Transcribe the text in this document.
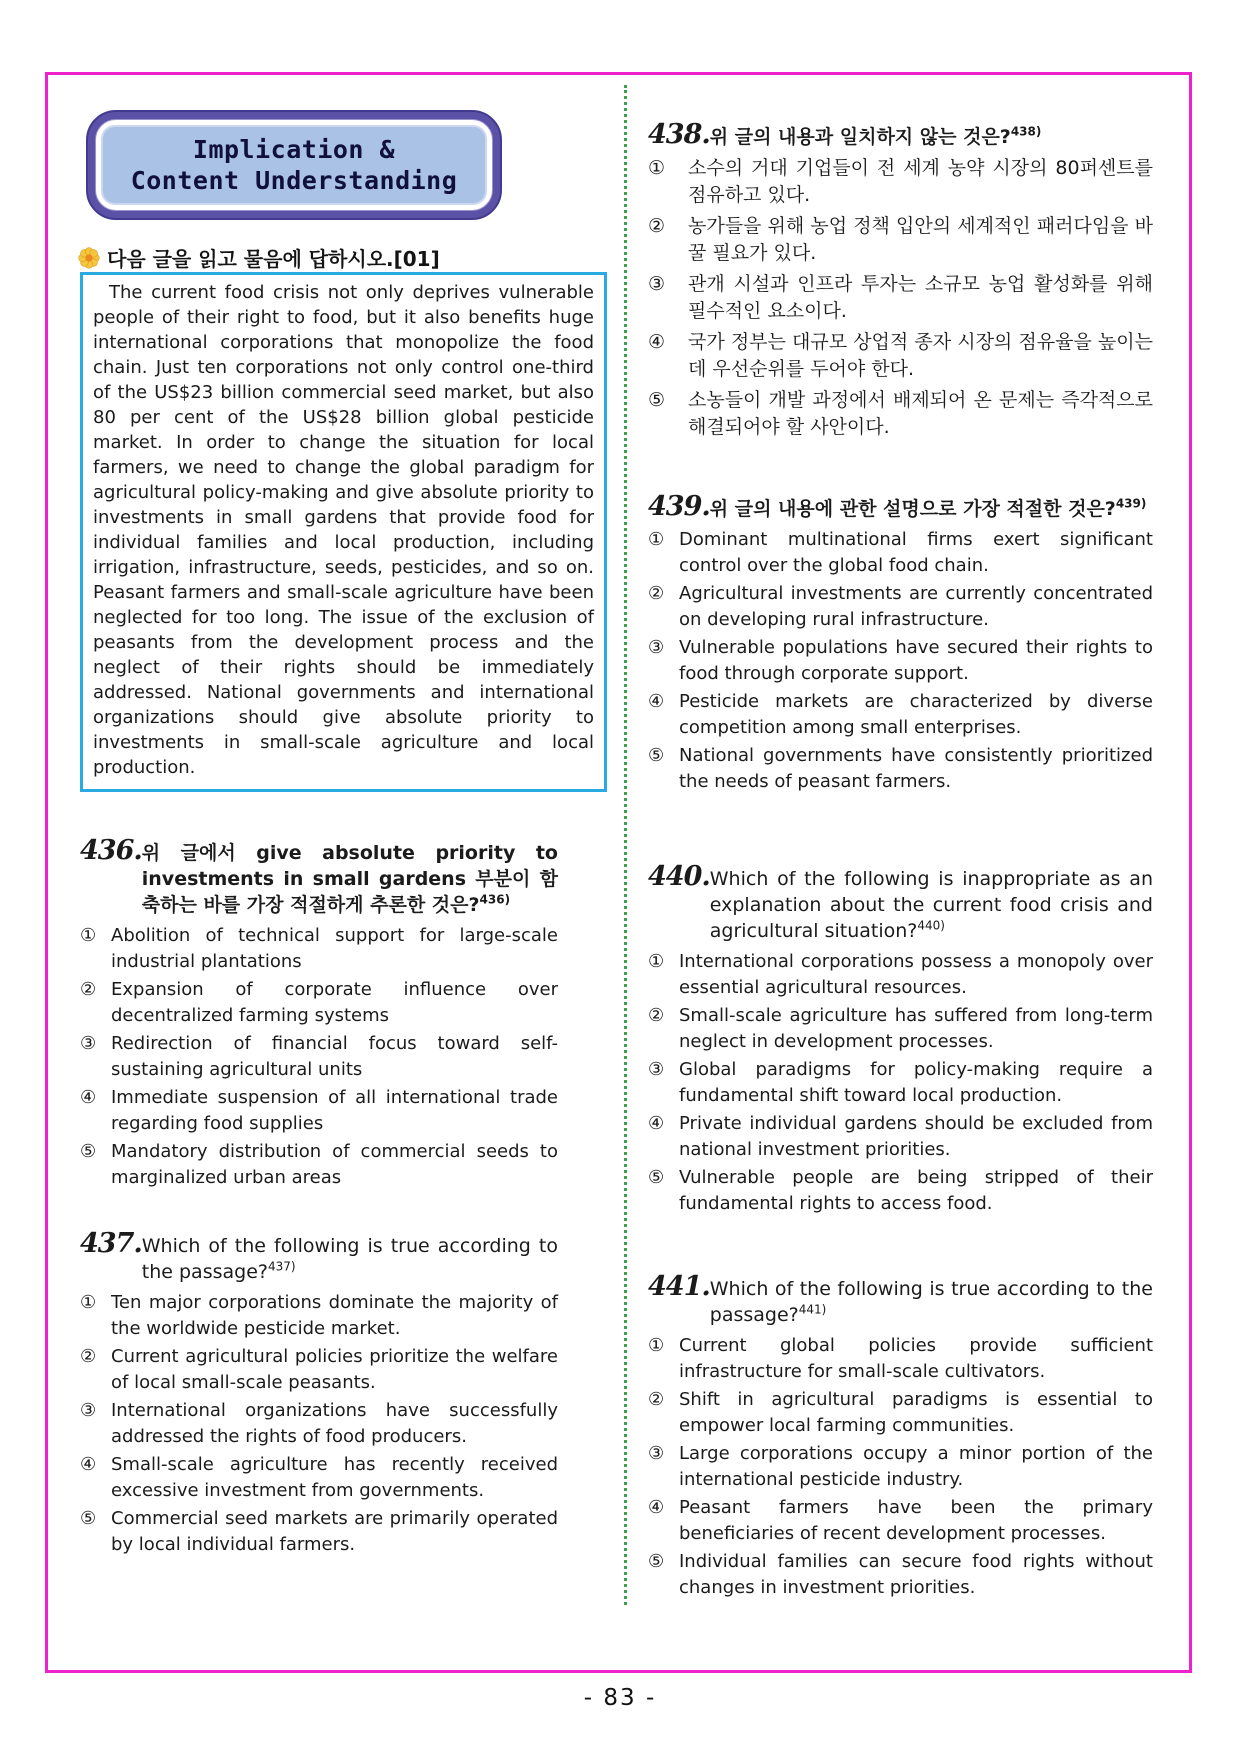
Implication &
Content Understanding
다음 글을 읽고 물음에 답하시오.[01]

The current food crisis not only deprives vulnerable people of their right to food, but it also benefits huge international corporations that monopolize the food chain. Just ten corporations not only control one-third of the US$23 billion commercial seed market, but also 80 per cent of the US$28 billion global pesticide market. In order to change the situation for local farmers, we need to change the global paradigm for agricultural policy-making and give absolute priority to investments in small gardens that provide food for individual families and local production, including irrigation, infrastructure, seeds, pesticides, and so on. Peasant farmers and small-scale agriculture have been neglected for too long. The issue of the exclusion of peasants from the development process and the neglect of their rights should be immediately addressed. National governments and international organizations should give absolute priority to investments in small-scale agriculture and local production.

436. 위 글에서 give absolute priority to investments in small gardens 부분이 함축하는 바를 가장 적절하게 추론한 것은?$^{436)}$
① Abolition of technical support for large-scale industrial plantations
② Expansion of corporate influence over decentralized farming systems
③ Redirection of financial focus toward self-sustaining agricultural units
④ Immediate suspension of all international trade regarding food supplies
⑤ Mandatory distribution of commercial seeds to marginalized urban areas
437. Which of the following is true according to the passage?$^{437)}$
① Ten major corporations dominate the majority of the worldwide pesticide market.
② Current agricultural policies prioritize the welfare of local small-scale peasants.
③ International organizations have successfully addressed the rights of food producers.
④ Small-scale agriculture has recently received excessive investment from governments.
⑤ Commercial seed markets are primarily operated by local individual farmers.
438. 위 글의 내용과 일치하지 않는 것은?$^{438)}$
① 소수의 거대 기업들이 전 세계 농약 시장의 80퍼센트를 점유하고 있다.
② 농가들을 위해 농업 정책 입안의 세계적인 패러다임을 바꿀 필요가 있다.
③ 관개 시설과 인프라 투자는 소규모 농업 활성화를 위해 필수적인 요소이다.
④ 국가 정부는 대규모 상업적 종자 시장의 점유율을 높이는 데 우선순위를 두어야 한다.
⑤ 소농들이 개발 과정에서 배제되어 온 문제는 즉각적으로 해결되어야 할 사안이다.
439. 위 글의 내용에 관한 설명으로 가장 적절한 것은?$^{439)}$
① Dominant multinational firms exert significant control over the global food chain.
② Agricultural investments are currently concentrated on developing rural infrastructure.
③ Vulnerable populations have secured their rights to food through corporate support.
④ Pesticide markets are characterized by diverse competition among small enterprises.
⑤ National governments have consistently prioritized the needs of peasant farmers.
440. Which of the following is inappropriate as an explanation about the current food crisis and agricultural situation?$^{440)}$
① International corporations possess a monopoly over essential agricultural resources.
② Small-scale agriculture has suffered from long-term neglect in development processes.
③ Global paradigms for policy-making require a fundamental shift toward local production.
④ Private individual gardens should be excluded from national investment priorities.
⑤ Vulnerable people are being stripped of their fundamental rights to access food.
441. Which of the following is true according to the passage?$^{441)}$
① Current global policies provide sufficient infrastructure for small-scale cultivators.
② Shift in agricultural paradigms is essential to empower local farming communities.
③ Large corporations occupy a minor portion of the international pesticide industry.
④ Peasant farmers have been the primary beneficiaries of recent development processes.
⑤ Individual families can secure food rights without changes in investment priorities.
- 83 -
